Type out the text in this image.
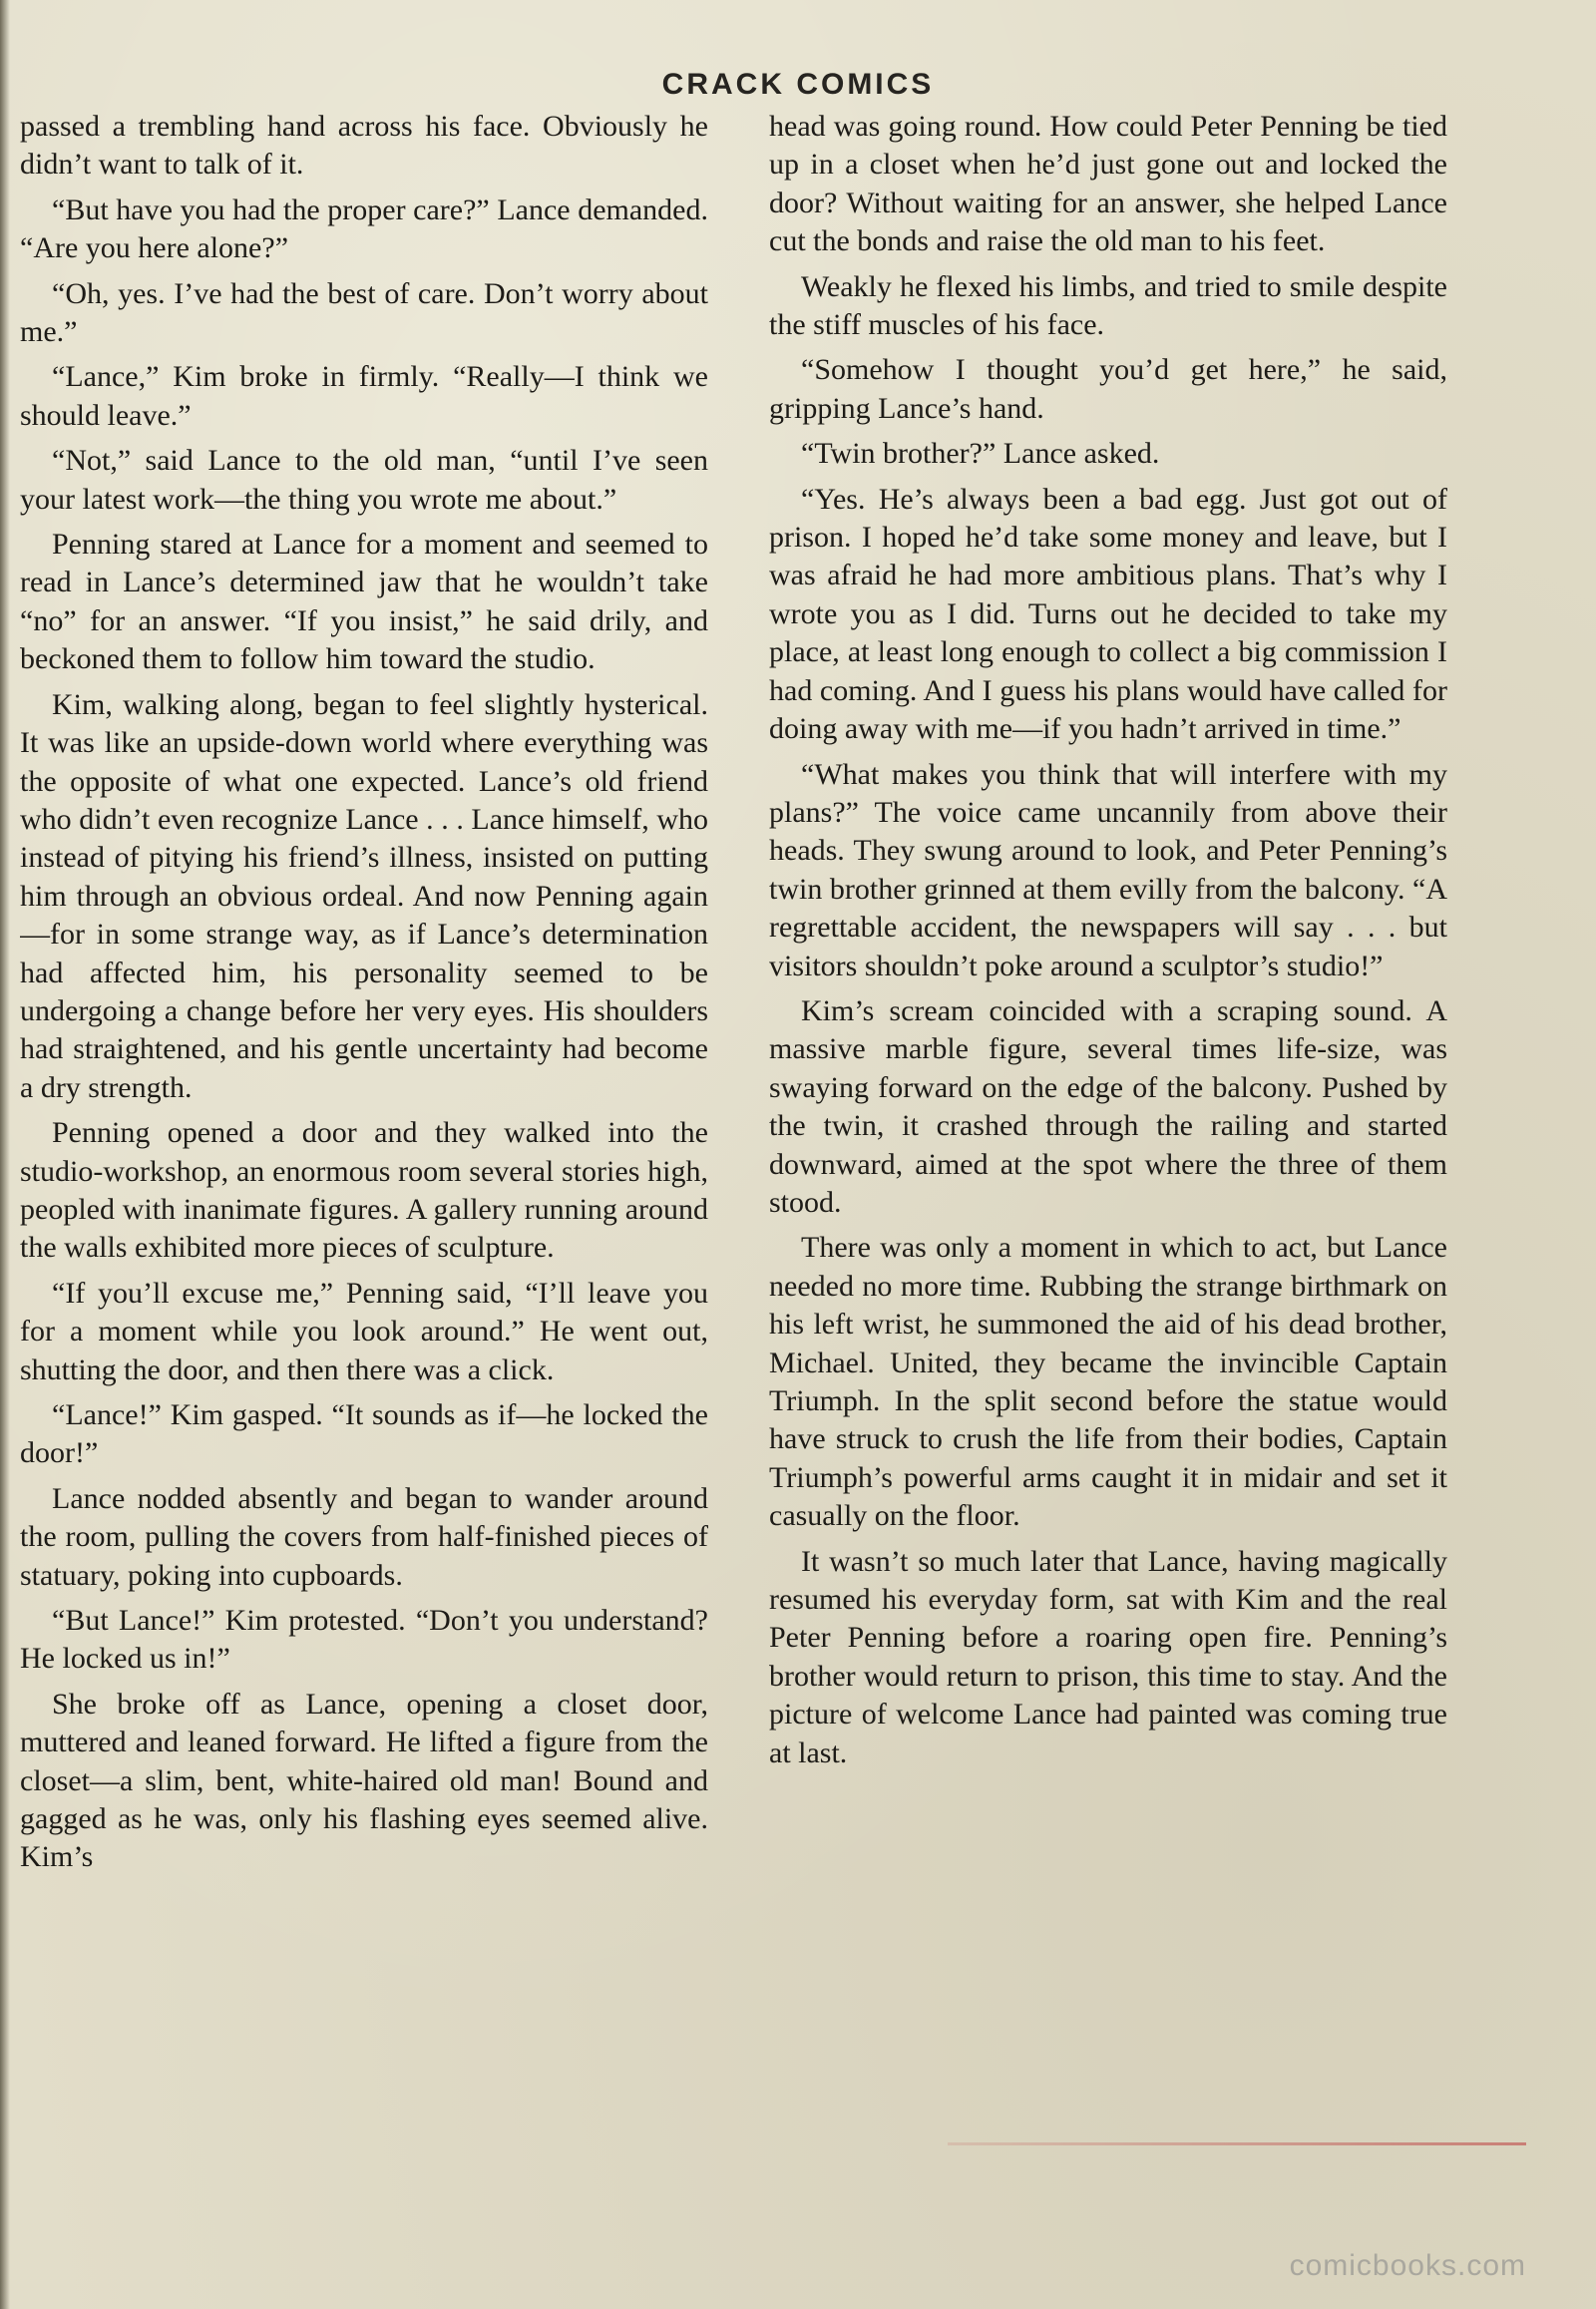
CRACK COMICS

passed a trembling hand across his face. Obviously he didn’t want to talk of it.

“But have you had the proper care?” Lance demanded. “Are you here alone?”

“Oh, yes. I’ve had the best of care. Don’t worry about me.”

“Lance,” Kim broke in firmly. “Really—I think we should leave.”

“Not,” said Lance to the old man, “until I’ve seen your latest work—the thing you wrote me about.”

Penning stared at Lance for a moment and seemed to read in Lance’s determined jaw that he wouldn’t take “no” for an answer. “If you insist,” he said drily, and beckoned them to follow him toward the studio.

Kim, walking along, began to feel slightly hysterical. It was like an upside-down world where everything was the opposite of what one expected. Lance’s old friend who didn’t even recognize Lance . . . Lance himself, who instead of pitying his friend’s illness, insisted on putting him through an obvious ordeal. And now Penning again—for in some strange way, as if Lance’s determination had affected him, his personality seemed to be undergoing a change before her very eyes. His shoulders had straightened, and his gentle uncertainty had become a dry strength.

Penning opened a door and they walked into the studio-workshop, an enormous room several stories high, peopled with inanimate figures. A gallery running around the walls exhibited more pieces of sculpture.

“If you’ll excuse me,” Penning said, “I’ll leave you for a moment while you look around.” He went out, shutting the door, and then there was a click.

“Lance!” Kim gasped. “It sounds as if—he locked the door!”

Lance nodded absently and began to wander around the room, pulling the covers from half-finished pieces of statuary, poking into cupboards.

“But Lance!” Kim protested. “Don’t you understand? He locked us in!”

She broke off as Lance, opening a closet door, muttered and leaned forward. He lifted a figure from the closet—a slim, bent, white-haired old man! Bound and gagged as he was, only his flashing eyes seemed alive. Kim’s

head was going round. How could Peter Penning be tied up in a closet when he’d just gone out and locked the door? Without waiting for an answer, she helped Lance cut the bonds and raise the old man to his feet.

Weakly he flexed his limbs, and tried to smile despite the stiff muscles of his face.

“Somehow I thought you’d get here,” he said, gripping Lance’s hand.

“Twin brother?” Lance asked.

“Yes. He’s always been a bad egg. Just got out of prison. I hoped he’d take some money and leave, but I was afraid he had more ambitious plans. That’s why I wrote you as I did. Turns out he decided to take my place, at least long enough to collect a big commission I had coming. And I guess his plans would have called for doing away with me—if you hadn’t arrived in time.”

“What makes you think that will interfere with my plans?” The voice came uncannily from above their heads. They swung around to look, and Peter Penning’s twin brother grinned at them evilly from the balcony. “A regrettable accident, the newspapers will say . . . but visitors shouldn’t poke around a sculptor’s studio!”

Kim’s scream coincided with a scraping sound. A massive marble figure, several times life-size, was swaying forward on the edge of the balcony. Pushed by the twin, it crashed through the railing and started downward, aimed at the spot where the three of them stood.

There was only a moment in which to act, but Lance needed no more time. Rubbing the strange birthmark on his left wrist, he summoned the aid of his dead brother, Michael. United, they became the invincible Captain Triumph. In the split second before the statue would have struck to crush the life from their bodies, Captain Triumph’s powerful arms caught it in midair and set it casually on the floor.

It wasn’t so much later that Lance, having magically resumed his everyday form, sat with Kim and the real Peter Penning before a roaring open fire. Penning’s brother would return to prison, this time to stay. And the picture of welcome Lance had painted was coming true at last.

comicbooks.com
